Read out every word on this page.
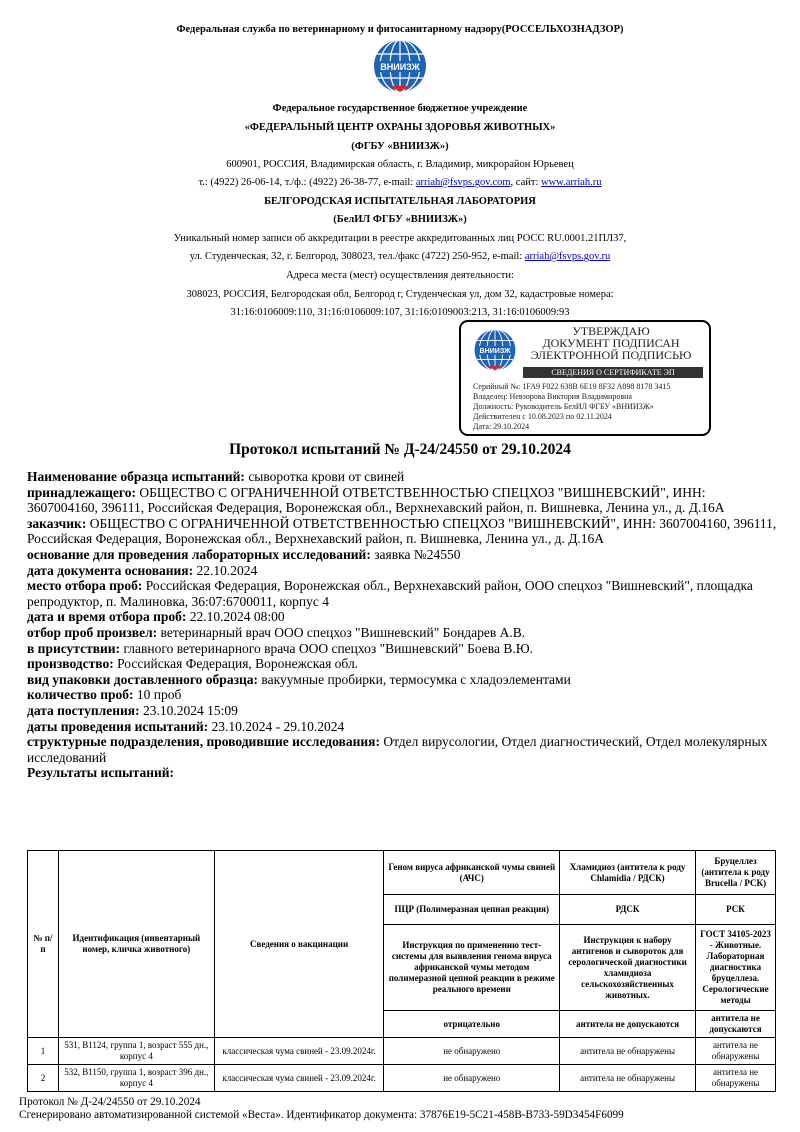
Федеральная служба по ветеринарному и фитосанитарному надзору(РОССЕЛЬХОЗНАДЗОР)
ВНИИЗЖ
Федеральное государственное бюджетное учреждение
«ФЕДЕРАЛЬНЫЙ ЦЕНТР ОХРАНЫ ЗДОРОВЬЯ ЖИВОТНЫХ»
(ФГБУ «ВНИИЗЖ»)
600901, РОССИЯ, Владимирская область, г. Владимир, микрорайон Юрьевец
т.: (4922) 26-06-14, т./ф.: (4922) 26-38-77, e-mail: arriah@fsvps.gov.com, сайт: www.arriah.ru
БЕЛГОРОДСКАЯ ИСПЫТАТЕЛЬНАЯ ЛАБОРАТОРИЯ
(БелИЛ ФГБУ «ВНИИЗЖ»)
Уникальный номер записи об аккредитации в реестре аккредитованных лиц РОСС RU.0001.21ПЛ37,
ул. Студенческая, 32, г. Белгород, 308023, тел./факс (4722) 250-952, e-mail: arriah@fsvps.gov.ru
Адреса места (мест) осуществления деятельности:
308023, РОССИЯ, Белгородская обл, Белгород г, Студенческая ул, дом 32, кадастровые номера:
31:16:0106009:110, 31:16:0106009:107, 31:16:0109003:213, 31:16:0106009:93
ВНИИЗЖ
УТВЕРЖДАЮ
ДОКУМЕНТ ПОДПИСАН
ЭЛЕКТРОННОЙ ПОДПИСЬЮ
СВЕДЕНИЯ О СЕРТИФИКАТЕ ЭП
Серийный №: 1FA9 F022 638B 6E19 8F32 A898 8178 3415
Владелец: Невзорова Виктория Владимировна
Должность: Руководитель БелИЛ ФГБУ «ВНИИЗЖ»
Действителен с 10.08.2023 по 02.11.2024
Дата: 29.10.2024
Протокол испытаний № Д-24/24550 от 29.10.2024

Наименование образца испытаний: сыворотка крови от свиней

принадлежащего: ОБЩЕСТВО С ОГРАНИЧЕННОЙ ОТВЕТСТВЕННОСТЬЮ СПЕЦХОЗ "ВИШНЕВСКИЙ", ИНН: 3607004160, 396111, Российская Федерация, Воронежская обл., Верхнехавский район, п. Вишневка, Ленина ул., д. Д.16А

заказчик: ОБЩЕСТВО С ОГРАНИЧЕННОЙ ОТВЕТСТВЕННОСТЬЮ СПЕЦХОЗ "ВИШНЕВСКИЙ", ИНН: 3607004160, 396111, Российская Федерация, Воронежская обл., Верхнехавский район, п. Вишневка, Ленина ул., д. Д.16А

основание для проведения лабораторных исследований: заявка №24550

дата документа основания: 22.10.2024

место отбора проб: Российская Федерация, Воронежская обл., Верхнехавский район, ООО спецхоз "Вишневский", площадка репродуктор, п. Малиновка, 36:07:6700011, корпус 4

дата и время отбора проб: 22.10.2024 08:00

отбор проб произвел: ветеринарный врач ООО спецхоз "Вишневский" Бондарев А.В.

в присутствии: главного ветеринарного врача ООО спецхоз "Вишневский" Боева В.Ю.

производство: Российская Федерация, Воронежская обл.

вид упаковки доставленного образца: вакуумные пробирки, термосумка с хладоэлементами

количество проб: 10 проб

дата поступления: 23.10.2024 15:09

даты проведения испытаний: 23.10.2024 - 29.10.2024

структурные подразделения, проводившие исследования: Отдел вирусологии, Отдел диагностический, Отдел молекулярных исследований

Результаты испытаний:

№ п/п	Идентификация (инвентарный номер, кличка животного)	Сведения о вакцинации	Геном вируса африканской чумы свиней (АЧС)	Хламидиоз (антитела к роду Chlamidia / РДСК)	Бруцеллез (антитела к роду Brucella / РСК)
			ПЦР (Полимеразная цепная реакция)	РДСК	РСК
			Инструкция по применению тест-системы для выявления генома вируса африканской чумы методом полимеразной цепной реакции в режиме реального времени	Инструкция к набору антигенов и сывороток для серологической диагностики хламидиоза сельскохозяйственных животных.	ГОСТ 34105-2023 - Животные. Лабораторная диагностика бруцеллеза. Серологические методы
			отрицательно	антитела не допускаются	антитела не допускаются
1	531, В1124, группа 1, возраст 555 дн., корпус 4	классическая чума свиней - 23.09.2024г.	не обнаружено	антитела не обнаружены	антитела не обнаружены
2	532, В1150, группа 1, возраст 396 дн., корпус 4	классическая чума свиней - 23.09.2024г.	не обнаружено	антитела не обнаружены	антитела не обнаружены
Протокол № Д-24/24550 от 29.10.2024
Сгенерировано автоматизированной системой «Веста». Идентификатор документа: 37876E19-5C21-458B-B733-59D3454F6099
